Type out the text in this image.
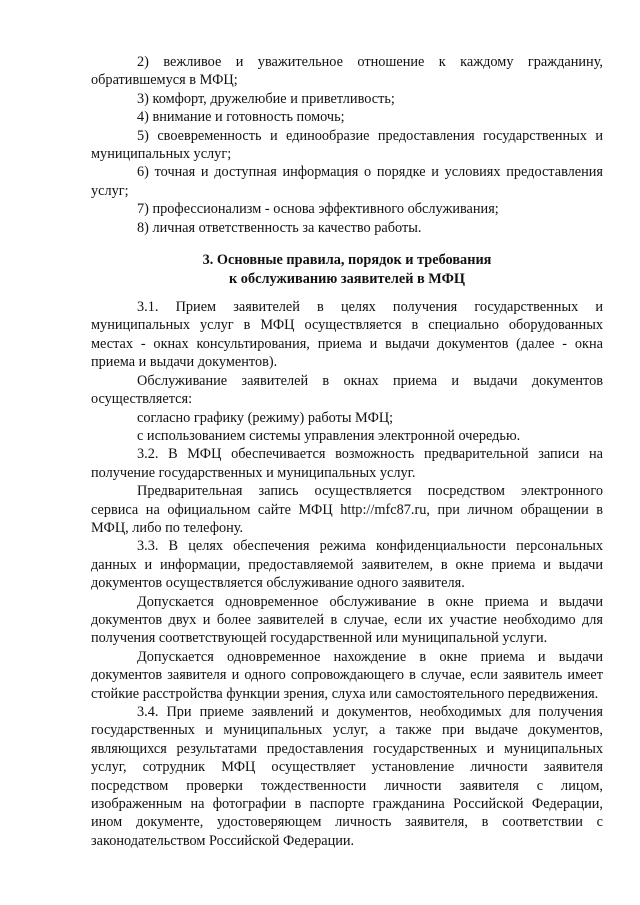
2) вежливое и уважительное отношение к каждому гражданину, обратившемуся в МФЦ;

3) комфорт, дружелюбие и приветливость;

4) внимание и готовность помочь;

5) своевременность и единообразие предоставления государственных и муниципальных услуг;

6) точная и доступная информация о порядке и условиях предоставления услуг;

7) профессионализм - основа эффективного обслуживания;

8) личная ответственность за качество работы.

3. Основные правила, порядок и требования
к обслуживанию заявителей в МФЦ

3.1. Прием заявителей в целях получения государственных и муниципальных услуг в МФЦ осуществляется в специально оборудованных местах - окнах консультирования, приема и выдачи документов (далее - окна приема и выдачи документов).

Обслуживание заявителей в окнах приема и выдачи документов осуществляется:

согласно графику (режиму) работы МФЦ;

с использованием системы управления электронной очередью.

3.2. В МФЦ обеспечивается возможность предварительной записи на получение государственных и муниципальных услуг.

Предварительная запись осуществляется посредством электронного сервиса на официальном сайте МФЦ http://mfc87.ru, при личном обращении в МФЦ, либо по телефону.

3.3. В целях обеспечения режима конфиденциальности персональных данных и информации, предоставляемой заявителем, в окне приема и выдачи документов осуществляется обслуживание одного заявителя.

Допускается одновременное обслуживание в окне приема и выдачи документов двух и более заявителей в случае, если их участие необходимо для получения соответствующей государственной или муниципальной услуги.

Допускается одновременное нахождение в окне приема и выдачи документов заявителя и одного сопровождающего в случае, если заявитель имеет стойкие расстройства функции зрения, слуха или самостоятельного передвижения.

3.4. При приеме заявлений и документов, необходимых для получения государственных и муниципальных услуг, а также при выдаче документов, являющихся результатами предоставления государственных и муниципальных услуг, сотрудник МФЦ осуществляет установление личности заявителя посредством проверки тождественности личности заявителя с лицом, изображенным на фотографии в паспорте гражданина Российской Федерации, ином документе, удостоверяющем личность заявителя, в соответствии с законодательством Российской Федерации.
